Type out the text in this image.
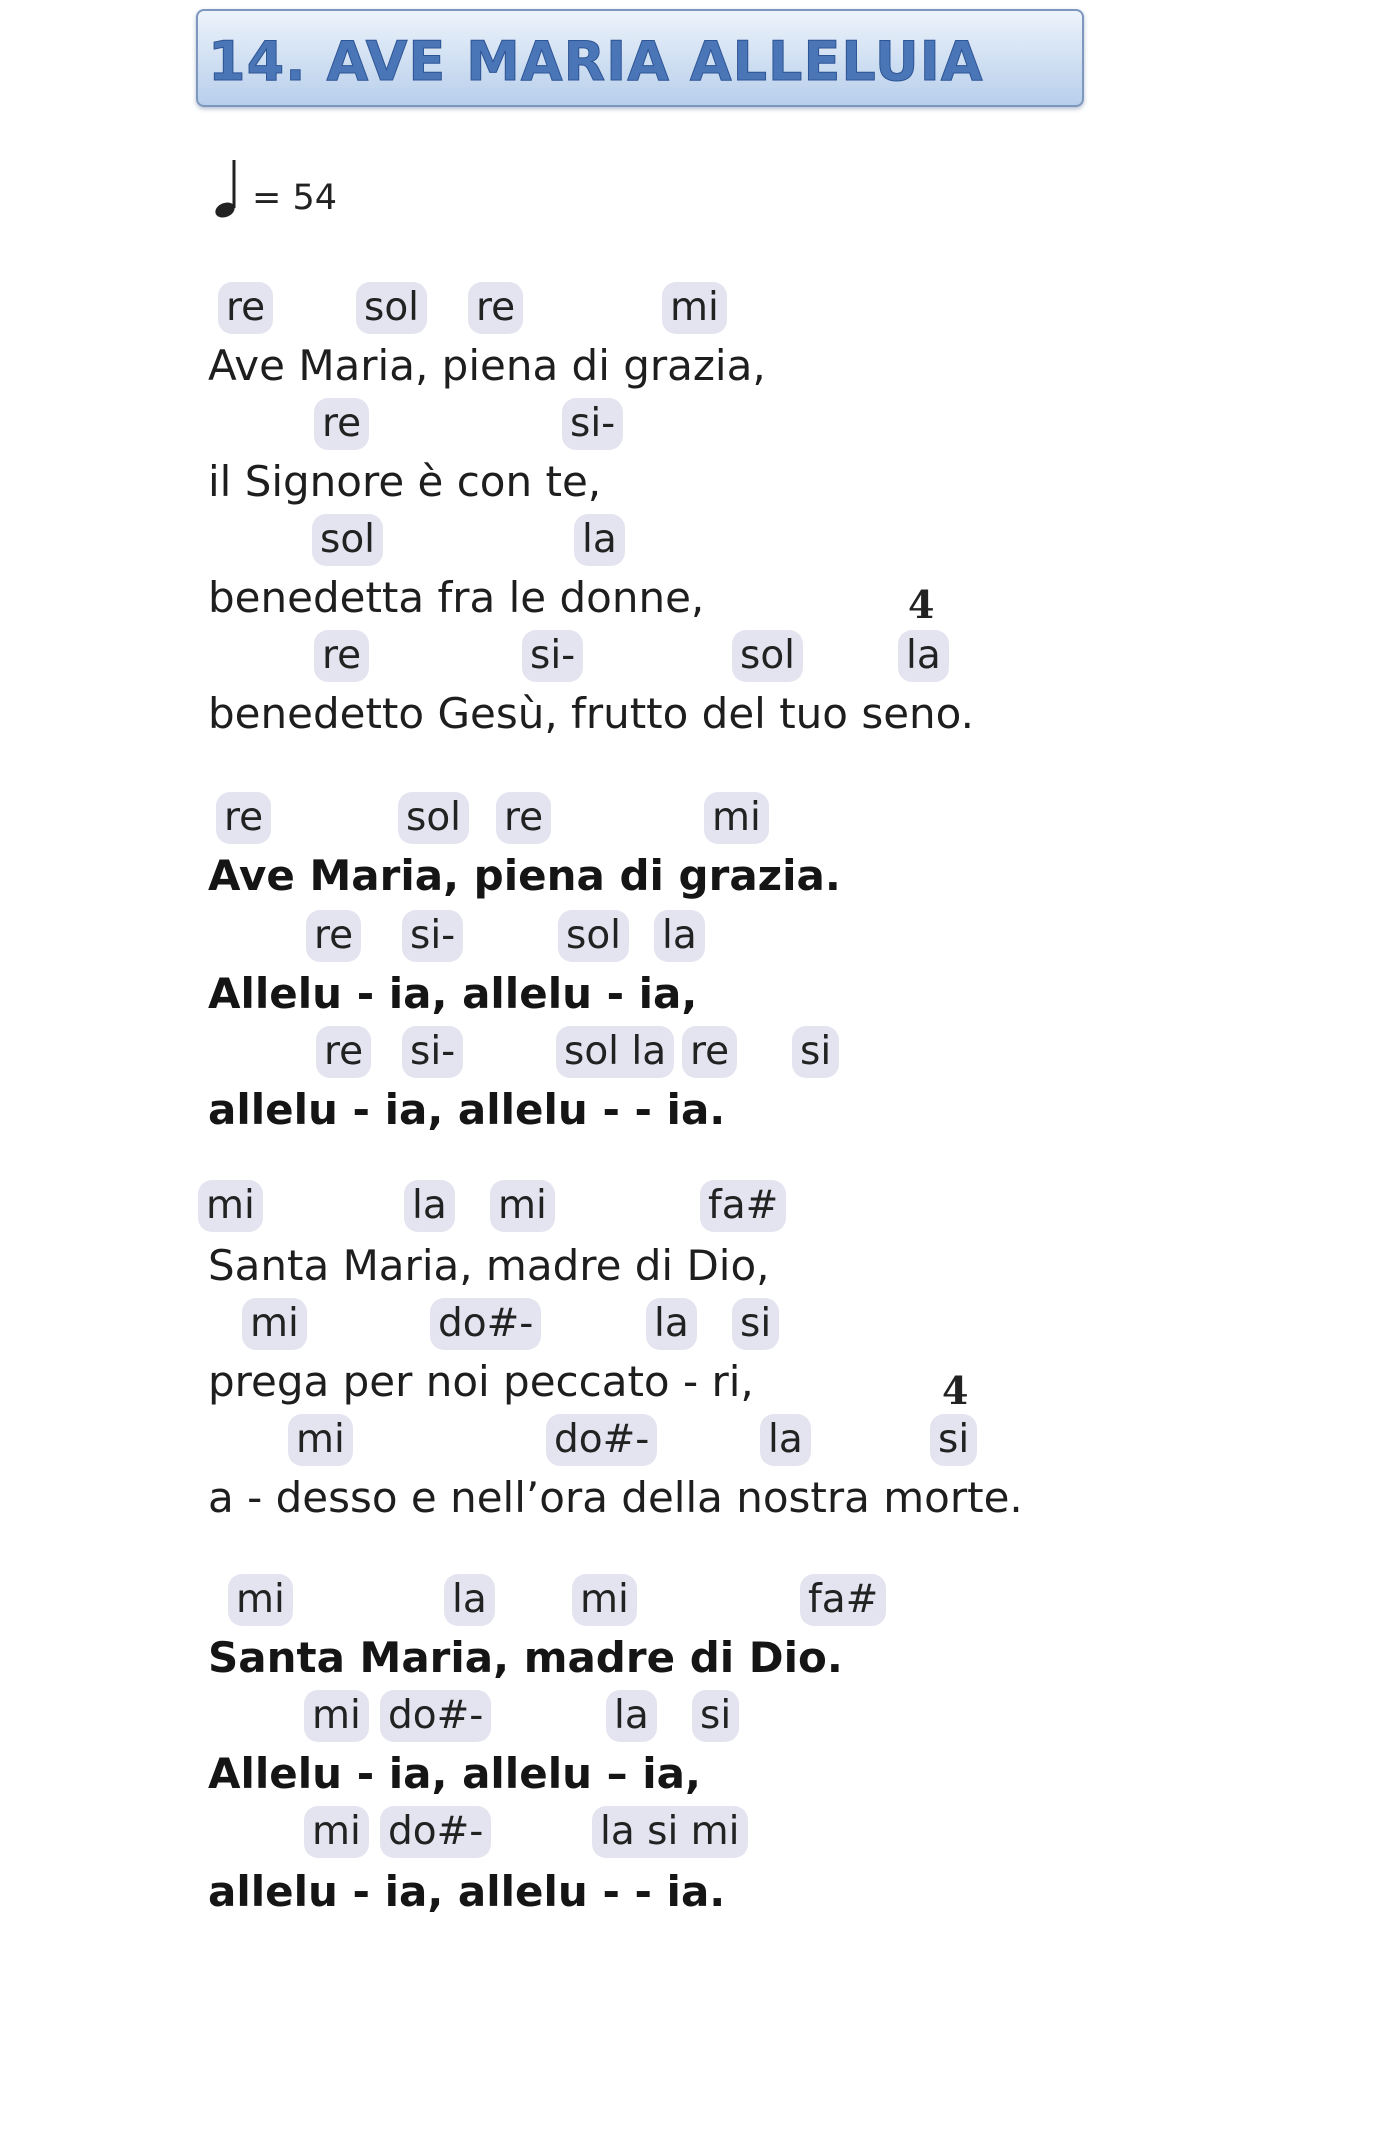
14. AVE MARIA ALLELUIA
= 54
re	sol re	mi
Ave Maria, piena di grazia,
re	si-
il Signore è con te,
sol	la
benedetta fra le donne,
re	si-	sol	la
benedetto Gesù, frutto del tuo seno.
re	sol re	mi
Ave Maria, piena di grazia.
re si-	sol la
Allelu - ia, allelu - ia,
re si-	sol la re si
allelu - ia, allelu - - ia.
mi	la mi	fa#
Santa Maria, madre di Dio,
mi	do#-	la si
prega per noi peccato - ri,
mi	do#-	la	si
a - desso e nell’ora della nostra morte.
mi	la mi	fa#
Santa Maria, madre di Dio.
mi do#-	la si
Allelu - ia, allelu – ia,
mi do#-	la si mi
allelu - ia, allelu - - ia.
4
4
